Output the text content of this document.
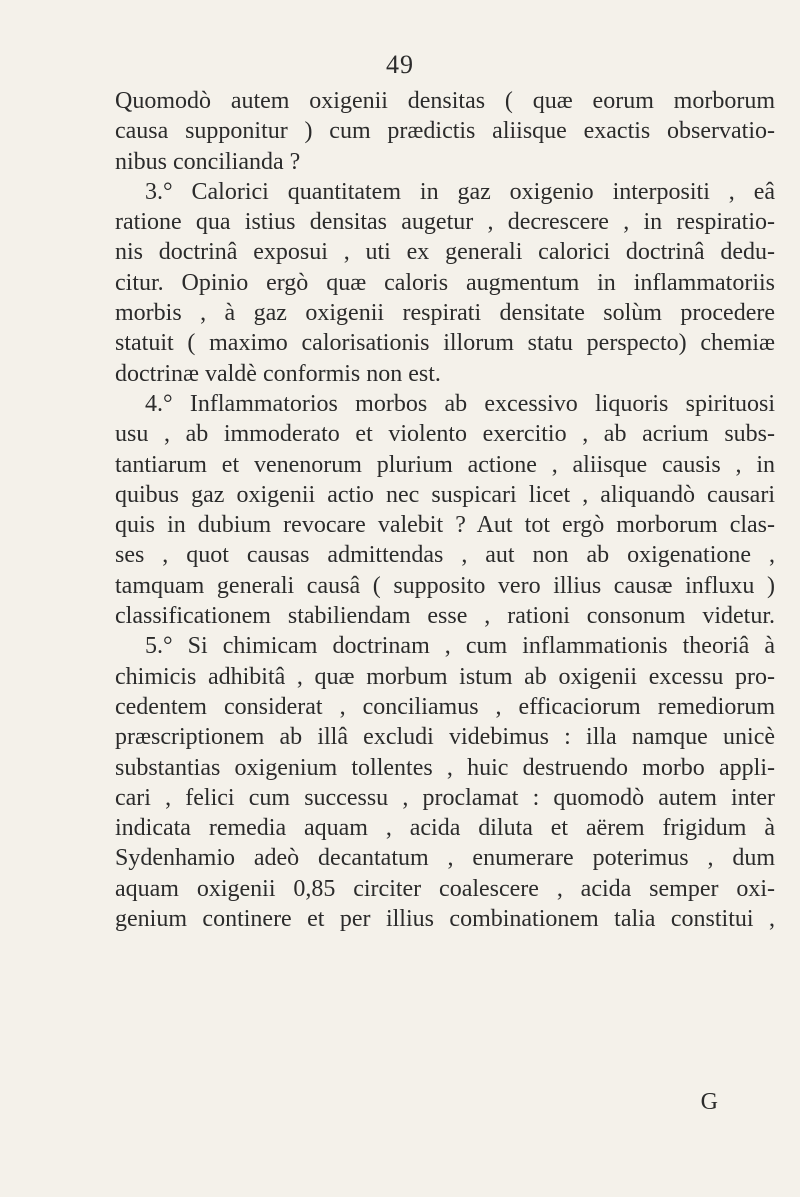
49
Quomodò autem oxigenii densitas ( quæ eorum morborum
causa supponitur ) cum prædictis aliisque exactis observatio-
nibus concilianda ?
3.° Calorici quantitatem in gaz oxigenio interpositi , eâ
ratione qua istius densitas augetur , decrescere , in respiratio-
nis doctrinâ exposui , uti ex generali calorici doctrinâ dedu-
citur. Opinio ergò quæ caloris augmentum in inflammatoriis
morbis , à gaz oxigenii respirati densitate solùm procedere
statuit ( maximo calorisationis illorum statu perspecto) chemiæ
doctrinæ valdè conformis non est.
4.° Inflammatorios morbos ab excessivo liquoris spirituosi
usu , ab immoderato et violento exercitio , ab acrium subs-
tantiarum et venenorum plurium actione , aliisque causis , in
quibus gaz oxigenii actio nec suspicari licet , aliquandò causari
quis in dubium revocare valebit ? Aut tot ergò morborum clas-
ses , quot causas admittendas , aut non ab oxigenatione ,
tamquam generali causâ ( supposito vero illius causæ influxu )
classificationem stabiliendam esse , rationi consonum videtur.
5.° Si chimicam doctrinam , cum inflammationis theoriâ à
chimicis adhibitâ , quæ morbum istum ab oxigenii excessu pro-
cedentem considerat , conciliamus , efficaciorum remediorum
præscriptionem ab illâ excludi videbimus : illa namque unicè
substantias oxigenium tollentes , huic destruendo morbo appli-
cari , felici cum successu , proclamat : quomodò autem inter
indicata remedia aquam , acida diluta et aërem frigidum à
Sydenhamio adeò decantatum , enumerare poterimus , dum
aquam oxigenii 0,85 circiter coalescere , acida semper oxi-
genium continere et per illius combinationem talia constitui ,
G
